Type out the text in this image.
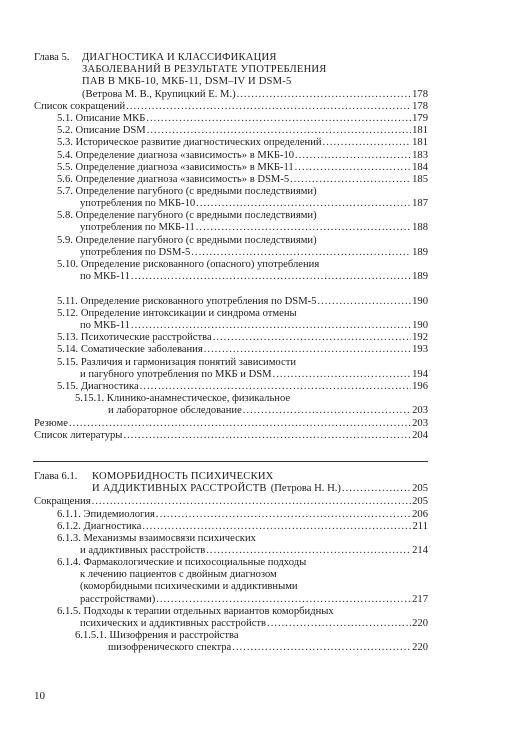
Глава 5. ДИАГНОСТИКА И КЛАССИФИКАЦИЯ
ЗАБОЛЕВАНИЙ В РЕЗУЛЬТАТЕ УПОТРЕБЛЕНИЯ
ПАВ В МКБ-10, МКБ-11, DSM–IV И DSM-5
(Ветрова М. В., Крупицкий Е. М.) .....	178
Список сокращений .....	178
5.1. Описание МКБ .....	179
5.2. Описание DSM .....	181
5.3. Историческое развитие диагностических определений .....	181
5.4. Определение диагноза «зависимость» в МКБ-10 .....	183
5.5. Определение диагноза «зависимость» в МКБ-11 .....	184
5.6. Определение диагноза «зависимость» в DSM-5 .....	185
5.7. Определение пагубного (с вредными последствиями)
употребления по МКБ-10 .....	187
5.8. Определение пагубного (с вредными последствиями)
употребления по МКБ-11 .....	188
5.9. Определение пагубного (с вредными последствиями)
употребления по DSM-5 .....	189
5.10. Определение рискованного (опасного) употребления
по МКБ-11 .....	189
5.11. Определение рискованного употребления по DSM-5 .....	190
5.12. Определение интоксикации и синдрома отмены
по МКБ-11 .....	190
5.13. Психотические расстройства .....	192
5.14. Соматические заболевания .....	193
5.15. Различия и гармонизация понятий зависимости
и пагубного употребления по МКБ и DSM .....	194
5.15. Диагностика .....	196
5.15.1. Клинико-анамнестическое, физикальное
и лабораторное обследование .....	203
Резюме .....	203
Список литературы .....	204
Глава 6.1. КОМОРБИДНОСТЬ ПСИХИЧЕСКИХ
И АДДИКТИВНЫХ РАССТРОЙСТВ (Петрова Н. Н.) .....	205
Сокращения .....	205
6.1.1. Эпидемиология .....	206
6.1.2. Диагностика .....	211
6.1.3. Механизмы взаимосвязи психических
и аддиктивных расстройств .....	214
6.1.4. Фармакологические и психосоциальные подходы
к лечению пациентов с двойным диагнозом
(коморбидными психическими и аддиктивными
расстройствами) .....	217
6.1.5. Подходы к терапии отдельных вариантов коморбидных
психических и аддиктивных расстройств .....	220
6.1.5.1. Шизофрения и расстройства
шизофренического спектра .....	220
10
